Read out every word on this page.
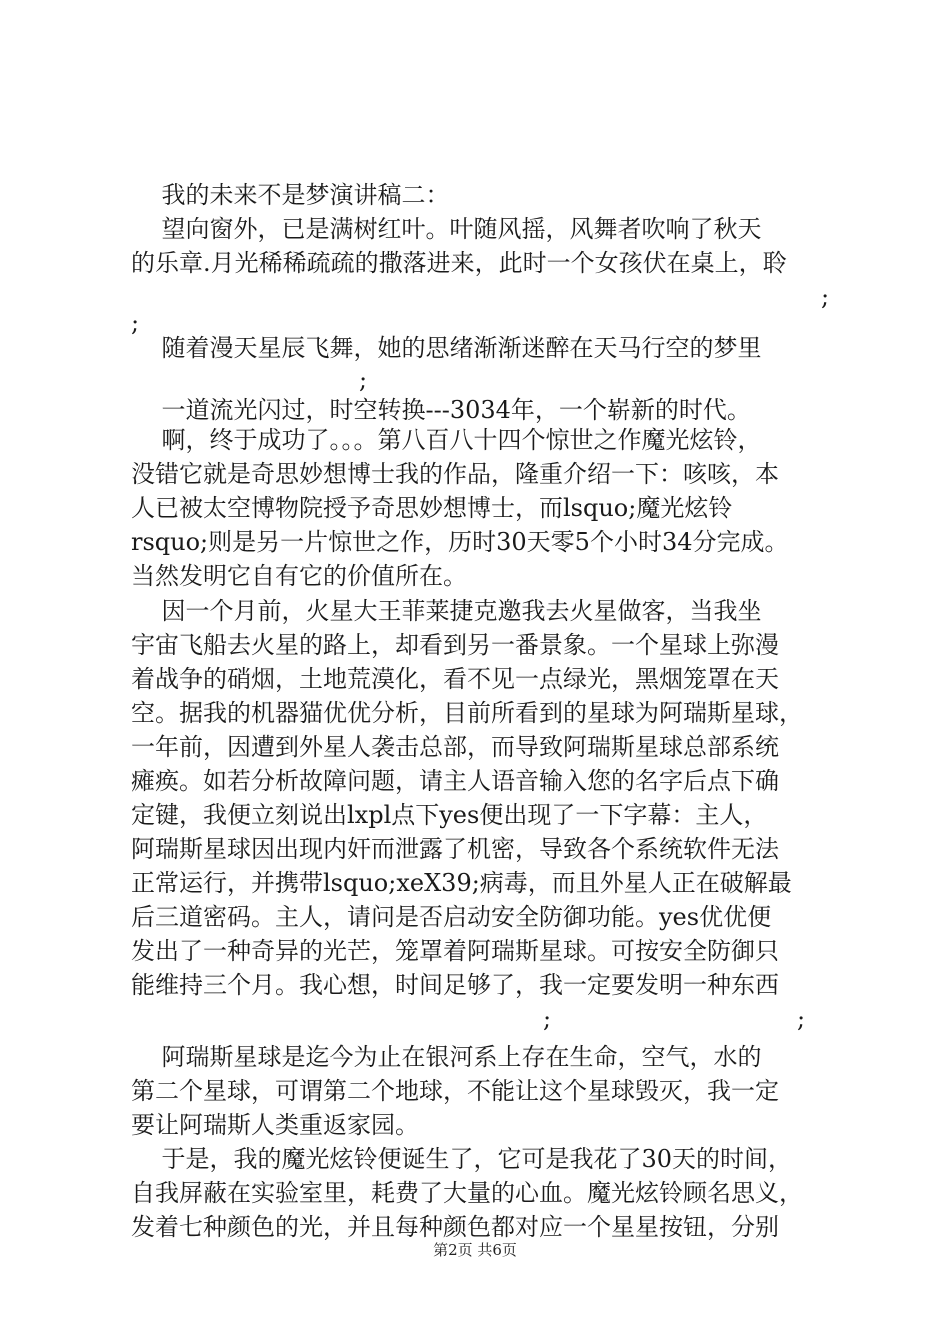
我的未来不是梦演讲稿二：
望向窗外，已是满树红叶。叶随风摇，风舞者吹响了秋天
的乐章.月光稀稀疏疏的撒落进来，此时一个女孩伏在桌上，聆

;

;
随着漫天星辰飞舞，她的思绪渐渐迷醉在天马行空的梦里

;

一道流光闪过，时空转换---3034年，一个崭新的时代。
啊，终于成功了。。。第八百八十四个惊世之作魔光炫铃，
没错它就是奇思妙想博士我的作品，隆重介绍一下：咳咳，本
人已被太空博物院授予奇思妙想博士，而lsquo;魔光炫铃
rsquo;则是另一片惊世之作，历时30天零5个小时34分完成。
当然发明它自有它的价值所在。
因一个月前，火星大王菲莱捷克邀我去火星做客，当我坐
宇宙飞船去火星的路上，却看到另一番景象。一个星球上弥漫
着战争的硝烟，土地荒漠化，看不见一点绿光，黑烟笼罩在天
空。据我的机器猫优优分析，目前所看到的星球为阿瑞斯星球，
一年前，因遭到外星人袭击总部，而导致阿瑞斯星球总部系统
瘫痪。如若分析故障问题，请主人语音输入您的名字后点下确
定键，我便立刻说出lxpl点下yes便出现了一下字幕：主人，
阿瑞斯星球因出现内奸而泄露了机密，导致各个系统软件无法
正常运行，并携带lsquo;xeX39;病毒，而且外星人正在破解最
后三道密码。主人，请问是否启动安全防御功能。yes优优便
发出了一种奇异的光芒，笼罩着阿瑞斯星球。可按安全防御只
能维持三个月。我心想，时间足够了，我一定要发明一种东西

;

	;

阿瑞斯星球是迄今为止在银河系上存在生命，空气，水的
第二个星球，可谓第二个地球，不能让这个星球毁灭，我一定
要让阿瑞斯人类重返家园。
于是，我的魔光炫铃便诞生了，它可是我花了30天的时间，
自我屏蔽在实验室里，耗费了大量的心血。魔光炫铃顾名思义，
发着七种颜色的光，并且每种颜色都对应一个星星按钮，分别
第2页 共6页
